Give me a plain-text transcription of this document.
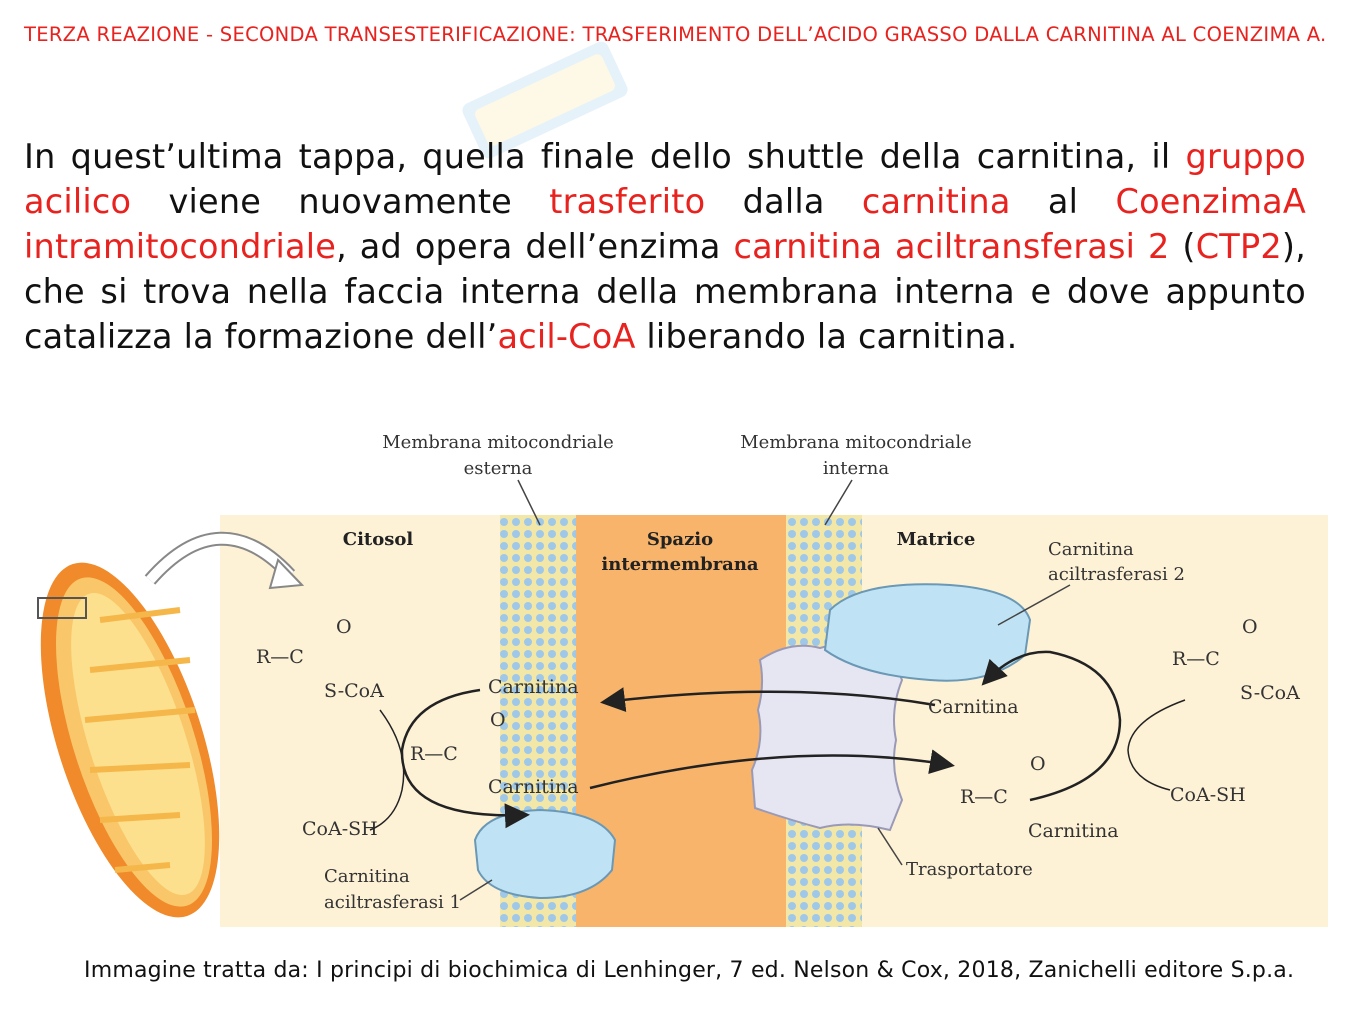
TERZA REAZIONE - SECONDA TRANSESTERIFICAZIONE: TRASFERIMENTO DELL’ACIDO GRASSO DALLA CARNITINA AL COENZIMA A.
In quest’ultima tappa, quella finale dello shuttle della carnitina, il gruppo acilico viene nuovamente trasferito dalla carnitina al CoenzimaA intramitocondriale, ad opera dell’enzima carnitina aciltransferasi 2 (CTP2), che si trova nella faccia interna della membrana interna e dove appunto catalizza la formazione dell’acil-CoA liberando la carnitina.
Membrana mitocondriale
esterna
Membrana mitocondriale
interna
Citosol	Spazio
intermembrana
Matrice
Trasportatore
Carnitina
aciltrasferasi 2
Carnitina
aciltrasferasi 1
O
R—C
S-CoA
CoA-SH
Carnitina
O
R—C
Carnitina
Carnitina
O
R—C
Carnitina
O
R—C
S-CoA
CoA-SH
Immagine tratta da: I principi di biochimica di Lenhinger, 7 ed. Nelson & Cox, 2018, Zanichelli editore S.p.a.
